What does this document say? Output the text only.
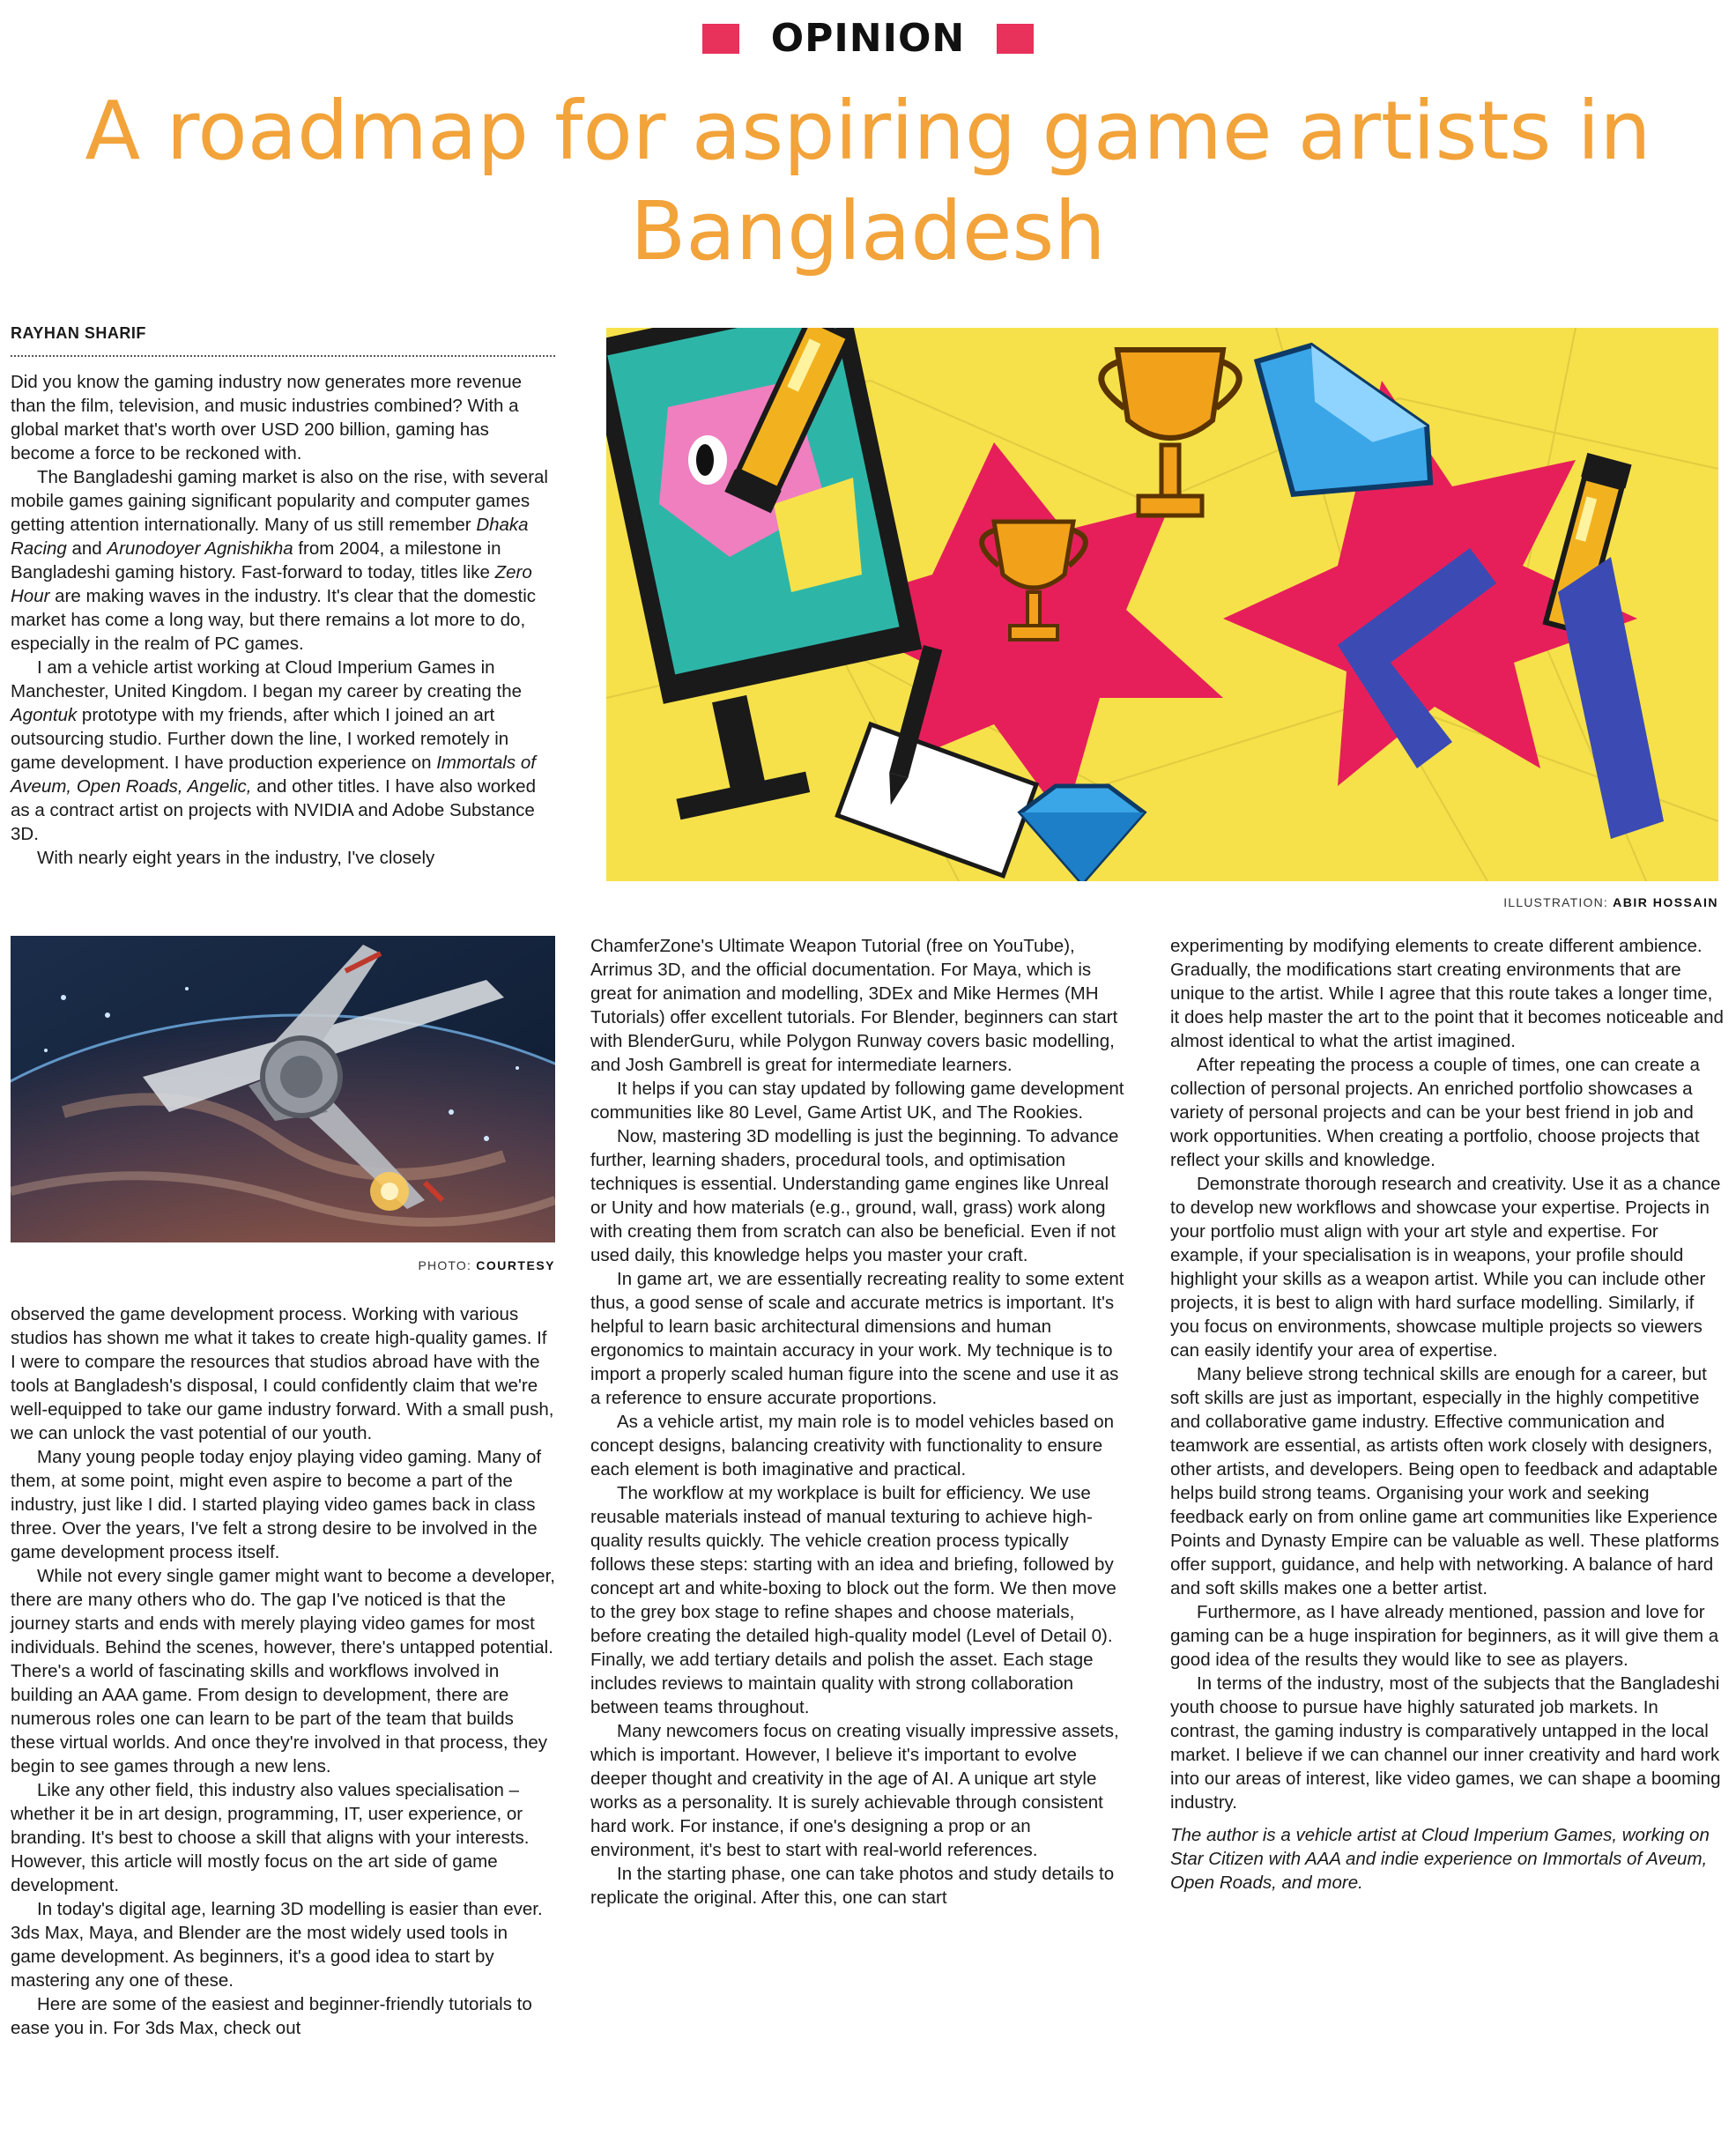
OPINION
A roadmap for aspiring game artists in Bangladesh
RAYHAN SHARIF

Did you know the gaming industry now generates more revenue than the film, television, and music industries combined? With a global market that's worth over USD 200 billion, gaming has become a force to be reckoned with.

The Bangladeshi gaming market is also on the rise, with several mobile games gaining significant popularity and computer games getting attention internationally. Many of us still remember Dhaka Racing and Arunodoyer Agnishikha from 2004, a milestone in Bangladeshi gaming history. Fast-forward to today, titles like Zero Hour are making waves in the industry. It's clear that the domestic market has come a long way, but there remains a lot more to do, especially in the realm of PC games.

I am a vehicle artist working at Cloud Imperium Games in Manchester, United Kingdom. I began my career by creating the Agontuk prototype with my friends, after which I joined an art outsourcing studio. Further down the line, I worked remotely in game development. I have production experience on Immortals of Aveum, Open Roads, Angelic, and other titles. I have also worked as a contract artist on projects with NVIDIA and Adobe Substance 3D.

With nearly eight years in the industry, I've closely

PHOTO: COURTESY

observed the game development process. Working with various studios has shown me what it takes to create high-quality games. If I were to compare the resources that studios abroad have with the tools at Bangladesh's disposal, I could confidently claim that we're well-equipped to take our game industry forward. With a small push, we can unlock the vast potential of our youth.

Many young people today enjoy playing video gaming. Many of them, at some point, might even aspire to become a part of the industry, just like I did. I started playing video games back in class three. Over the years, I've felt a strong desire to be involved in the game development process itself.

While not every single gamer might want to become a developer, there are many others who do. The gap I've noticed is that the journey starts and ends with merely playing video games for most individuals. Behind the scenes, however, there's untapped potential. There's a world of fascinating skills and workflows involved in building an AAA game. From design to development, there are numerous roles one can learn to be part of the team that builds these virtual worlds. And once they're involved in that process, they begin to see games through a new lens.

Like any other field, this industry also values specialisation – whether it be in art design, programming, IT, user experience, or branding. It's best to choose a skill that aligns with your interests. However, this article will mostly focus on the art side of game development.

In today's digital age, learning 3D modelling is easier than ever. 3ds Max, Maya, and Blender are the most widely used tools in game development. As beginners, it's a good idea to start by mastering any one of these.

Here are some of the easiest and beginner-friendly tutorials to ease you in. For 3ds Max, check out

ILLUSTRATION: ABIR HOSSAIN

ChamferZone's Ultimate Weapon Tutorial (free on YouTube), Arrimus 3D, and the official documentation. For Maya, which is great for animation and modelling, 3DEx and Mike Hermes (MH Tutorials) offer excellent tutorials. For Blender, beginners can start with BlenderGuru, while Polygon Runway covers basic modelling, and Josh Gambrell is great for intermediate learners.

It helps if you can stay updated by following game development communities like 80 Level, Game Artist UK, and The Rookies.

Now, mastering 3D modelling is just the beginning. To advance further, learning shaders, procedural tools, and optimisation techniques is essential. Understanding game engines like Unreal or Unity and how materials (e.g., ground, wall, grass) work along with creating them from scratch can also be beneficial. Even if not used daily, this knowledge helps you master your craft.

In game art, we are essentially recreating reality to some extent thus, a good sense of scale and accurate metrics is important. It's helpful to learn basic architectural dimensions and human ergonomics to maintain accuracy in your work. My technique is to import a properly scaled human figure into the scene and use it as a reference to ensure accurate proportions.

As a vehicle artist, my main role is to model vehicles based on concept designs, balancing creativity with functionality to ensure each element is both imaginative and practical.

The workflow at my workplace is built for efficiency. We use reusable materials instead of manual texturing to achieve high-quality results quickly. The vehicle creation process typically follows these steps: starting with an idea and briefing, followed by concept art and white-boxing to block out the form. We then move to the grey box stage to refine shapes and choose materials, before creating the detailed high-quality model (Level of Detail 0). Finally, we add tertiary details and polish the asset. Each stage includes reviews to maintain quality with strong collaboration between teams throughout.

Many newcomers focus on creating visually impressive assets, which is important. However, I believe it's important to evolve deeper thought and creativity in the age of AI. A unique art style works as a personality. It is surely achievable through consistent hard work. For instance, if one's designing a prop or an environment, it's best to start with real-world references.

In the starting phase, one can take photos and study details to replicate the original. After this, one can start

experimenting by modifying elements to create different ambience. Gradually, the modifications start creating environments that are unique to the artist. While I agree that this route takes a longer time, it does help master the art to the point that it becomes noticeable and almost identical to what the artist imagined.

After repeating the process a couple of times, one can create a collection of personal projects. An enriched portfolio showcases a variety of personal projects and can be your best friend in job and work opportunities. When creating a portfolio, choose projects that reflect your skills and knowledge.

Demonstrate thorough research and creativity. Use it as a chance to develop new workflows and showcase your expertise. Projects in your portfolio must align with your art style and expertise. For example, if your specialisation is in weapons, your profile should highlight your skills as a weapon artist. While you can include other projects, it is best to align with hard surface modelling. Similarly, if you focus on environments, showcase multiple projects so viewers can easily identify your area of expertise.

Many believe strong technical skills are enough for a career, but soft skills are just as important, especially in the highly competitive and collaborative game industry. Effective communication and teamwork are essential, as artists often work closely with designers, other artists, and developers. Being open to feedback and adaptable helps build strong teams. Organising your work and seeking feedback early on from online game art communities like Experience Points and Dynasty Empire can be valuable as well. These platforms offer support, guidance, and help with networking. A balance of hard and soft skills makes one a better artist.

Furthermore, as I have already mentioned, passion and love for gaming can be a huge inspiration for beginners, as it will give them a good idea of the results they would like to see as players.

In terms of the industry, most of the subjects that the Bangladeshi youth choose to pursue have highly saturated job markets. In contrast, the gaming industry is comparatively untapped in the local market. I believe if we can channel our inner creativity and hard work into our areas of interest, like video games, we can shape a booming industry.

The author is a vehicle artist at Cloud Imperium Games, working on Star Citizen with AAA and indie experience on Immortals of Aveum, Open Roads, and more.
